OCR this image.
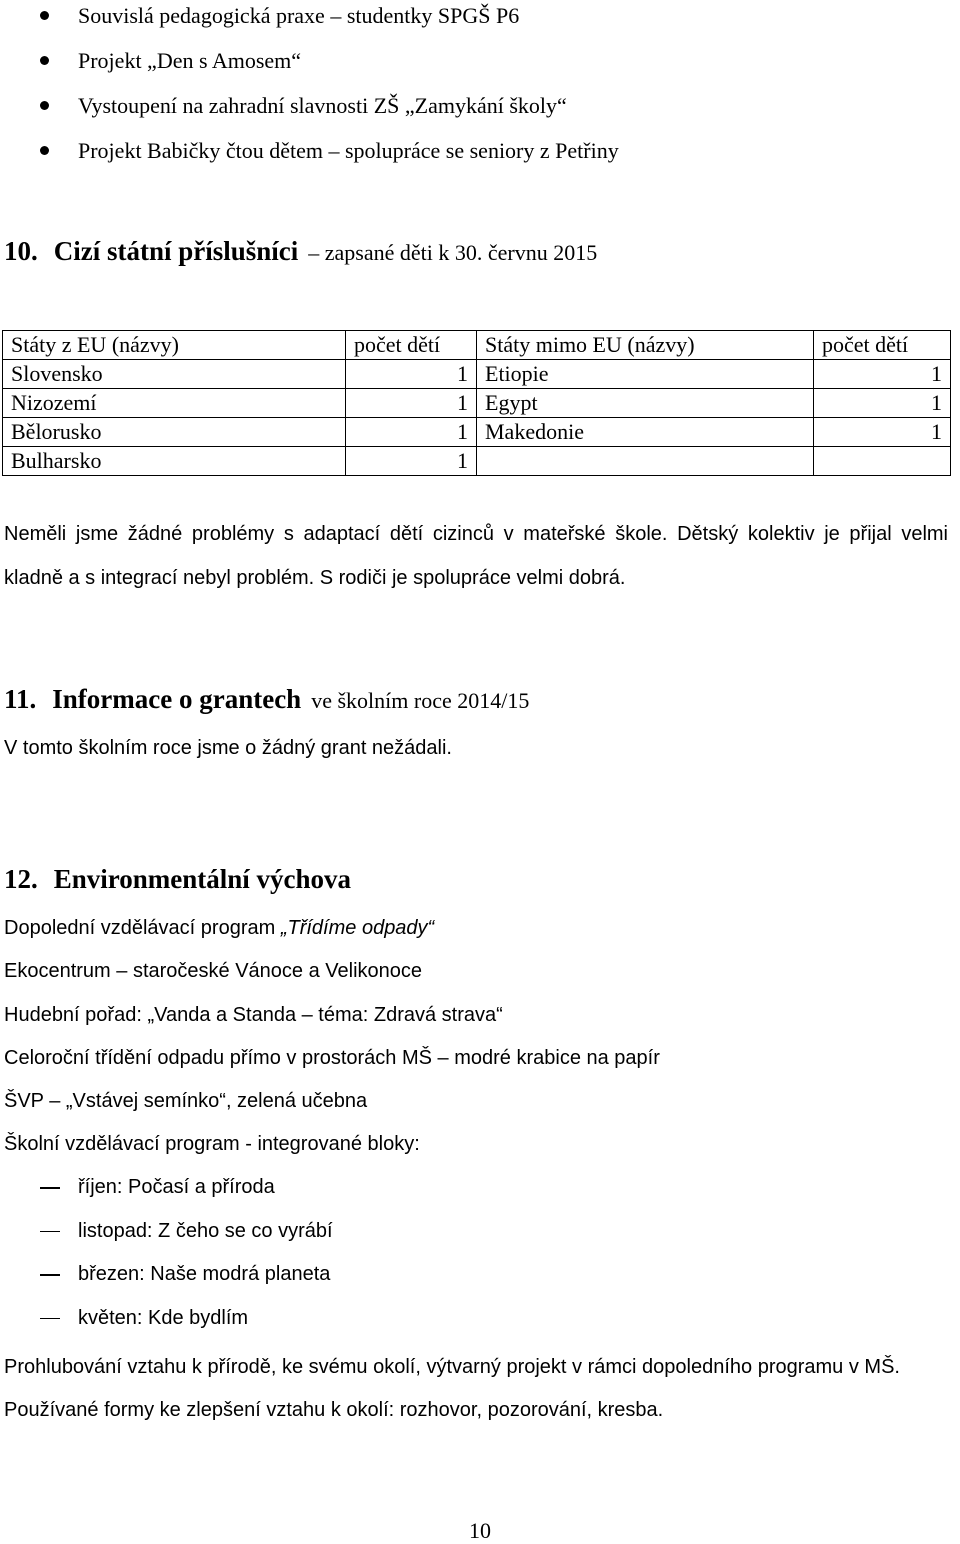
Souvislá pedagogická praxe – studentky SPGŠ P6
Projekt „Den s Amosem“
Vystoupení na zahradní slavnosti ZŠ „Zamykání školy“
Projekt Babičky čtou dětem – spolupráce se seniory z Petřiny
10. Cizí státní příslušníci – zapsané děti k 30. červnu 2015
Státy z EU (názvy)	počet dětí	Státy mimo EU (názvy)	počet dětí
Slovensko	1	Etiopie	1
Nizozemí	1	Egypt	1
Bělorusko	1	Makedonie	1
Bulharsko	1		
Neměli jsme žádné problémy s adaptací dětí cizinců v mateřské škole. Dětský kolektiv je přijal velmi kladně a s integrací nebyl problém. S rodiči je spolupráce velmi dobrá.
11. Informace o grantech ve školním roce 2014/15
V tomto školním roce jsme o žádný grant nežádali.
12. Environmentální výchova
Dopolední vzdělávací program „Třídíme odpady“
Ekocentrum – staročeské Vánoce a Velikonoce
Hudební pořad: „Vanda a Standa – téma: Zdravá strava“
Celoroční třídění odpadu přímo v prostorách MŠ – modré krabice na papír
ŠVP – „Vstávej semínko“, zelená učebna
Školní vzdělávací program - integrované bloky:
říjen: Počasí a příroda
listopad: Z čeho se co vyrábí
březen: Naše modrá planeta
květen: Kde bydlím
Prohlubování vztahu k přírodě, ke svému okolí, výtvarný projekt v rámci dopoledního programu v MŠ. Používané formy ke zlepšení vztahu k okolí: rozhovor, pozorování, kresba.
10
